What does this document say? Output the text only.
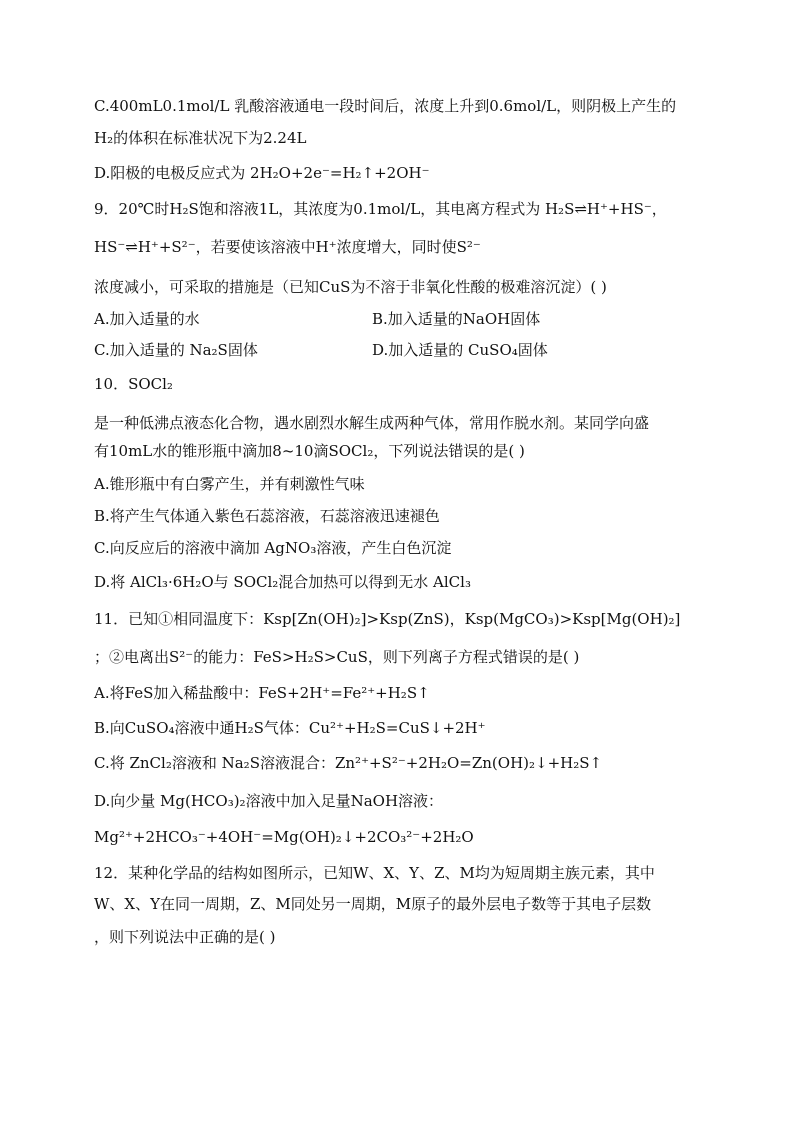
C.400mL0.1mol/L 乳酸溶液通电一段时间后，浓度上升到0.6mol/L，则阴极上产生的
H₂的体积在标准状况下为2.24L
D.阳极的电极反应式为 2H₂O+2e⁻=H₂↑+2OH⁻
9．20℃时H₂S饱和溶液1L，其浓度为0.1mol/L，其电离方程式为 H₂S⇌H⁺+HS⁻，
HS⁻⇌H⁺+S²⁻，若要使该溶液中H⁺浓度增大，同时使S²⁻
浓度减小，可采取的措施是（已知CuS为不溶于非氧化性酸的极难溶沉淀）( )
A.加入适量的水	B.加入适量的NaOH固体
C.加入适量的 Na₂S固体	D.加入适量的 CuSO₄固体
10．SOCl₂
是一种低沸点液态化合物，遇水剧烈水解生成两种气体，常用作脱水剂。某同学向盛
有10mL水的锥形瓶中滴加8~10滴SOCl₂，下列说法错误的是( )
A.锥形瓶中有白雾产生，并有刺激性气味
B.将产生气体通入紫色石蕊溶液，石蕊溶液迅速褪色
C.向反应后的溶液中滴加 AgNO₃溶液，产生白色沉淀
D.将 AlCl₃·6H₂O与 SOCl₂混合加热可以得到无水 AlCl₃
11．已知①相同温度下：Ksp[Zn(OH)₂]>Ksp(ZnS)，Ksp(MgCO₃)>Ksp[Mg(OH)₂]
；②电离出S²⁻的能力：FeS>H₂S>CuS，则下列离子方程式错误的是( )
A.将FeS加入稀盐酸中：FeS+2H⁺=Fe²⁺+H₂S↑
B.向CuSO₄溶液中通H₂S气体：Cu²⁺+H₂S=CuS↓+2H⁺
C.将 ZnCl₂溶液和 Na₂S溶液混合：Zn²⁺+S²⁻+2H₂O=Zn(OH)₂↓+H₂S↑
D.向少量 Mg(HCO₃)₂溶液中加入足量NaOH溶液：
Mg²⁺+2HCO₃⁻+4OH⁻=Mg(OH)₂↓+2CO₃²⁻+2H₂O
12．某种化学品的结构如图所示，已知W、X、Y、Z、M均为短周期主族元素，其中
W、X、Y在同一周期，Z、M同处另一周期，M原子的最外层电子数等于其电子层数
，则下列说法中正确的是( )
